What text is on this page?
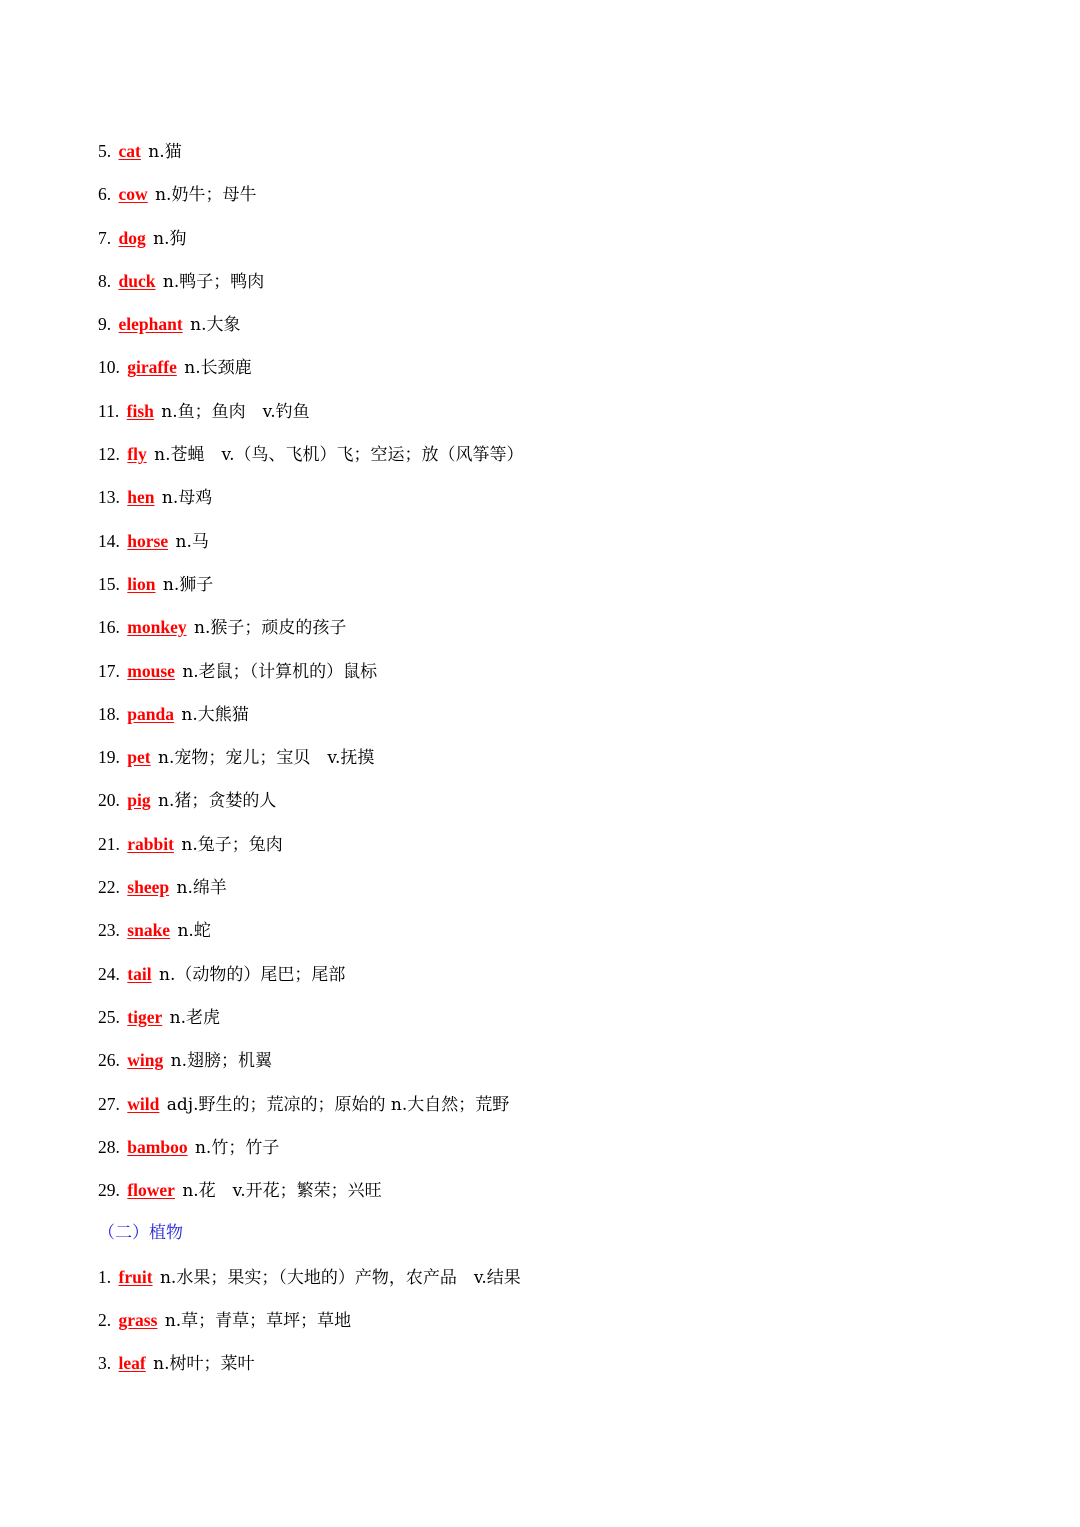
5. cat n.猫
6. cow n.奶牛；母牛
7. dog n.狗
8. duck n.鸭子；鸭肉
9. elephant n.大象
10. giraffe n.长颈鹿
11. fish n.鱼；鱼肉　v.钓鱼
12. fly n.苍蝇　v.（鸟、飞机）飞；空运；放（风筝等）
13. hen n.母鸡
14. horse n.马
15. lion n.狮子
16. monkey n.猴子；顽皮的孩子
17. mouse n.老鼠；（计算机的）鼠标
18. panda n.大熊猫
19. pet n.宠物；宠儿；宝贝　v.抚摸
20. pig n.猪；贪婪的人
21. rabbit n.兔子；兔肉
22. sheep n.绵羊
23. snake n.蛇
24. tail n.（动物的）尾巴；尾部
25. tiger n.老虎
26. wing n.翅膀；机翼
27. wild adj.野生的；荒凉的；原始的 n.大自然；荒野
28. bamboo n.竹；竹子
29. flower n.花　v.开花；繁荣；兴旺
（二）植物
1. fruit n.水果；果实；（大地的）产物，农产品　v.结果
2. grass n.草；青草；草坪；草地
3. leaf n.树叶；菜叶
